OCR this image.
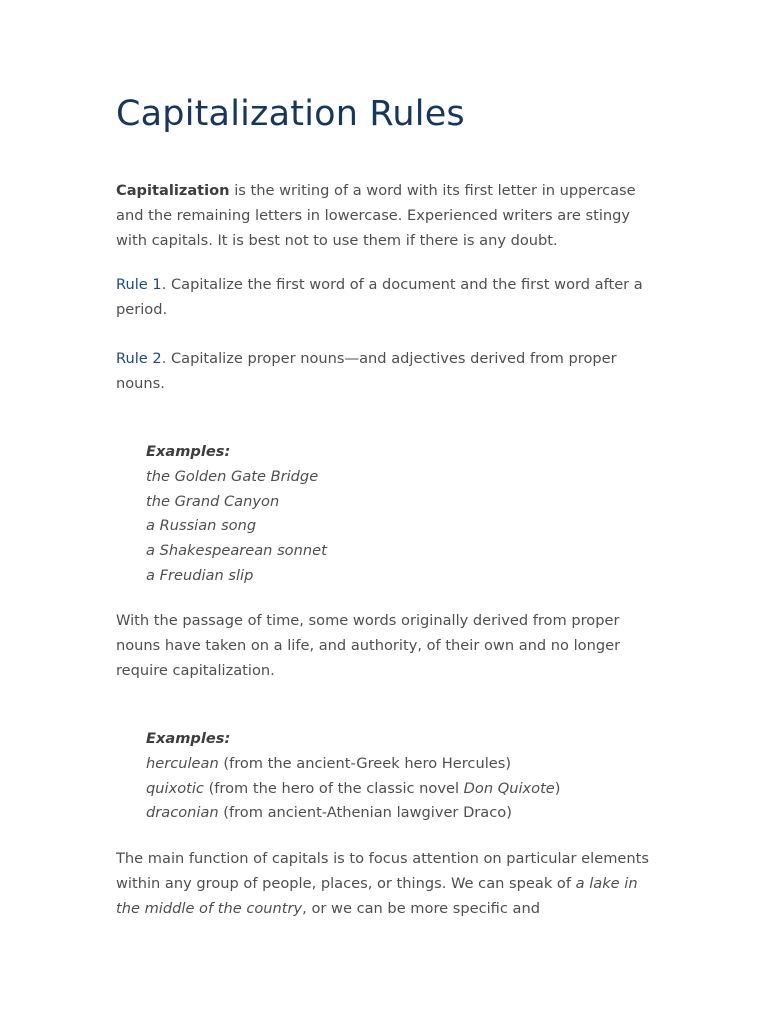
Capitalization Rules

Capitalization is the writing of a word with its first letter in uppercase and the remaining letters in lowercase. Experienced writers are stingy with capitals. It is best not to use them if there is any doubt.

Rule 1. Capitalize the first word of a document and the first word after a period.

Rule 2. Capitalize proper nouns—and adjectives derived from proper nouns.

Examples:
the Golden Gate Bridge
the Grand Canyon
a Russian song
a Shakespearean sonnet
a Freudian slip

With the passage of time, some words originally derived from proper nouns have taken on a life, and authority, of their own and no longer require capitalization.

Examples:
herculean (from the ancient-Greek hero Hercules)
quixotic (from the hero of the classic novel Don Quixote)
draconian (from ancient-Athenian lawgiver Draco)

The main function of capitals is to focus attention on particular elements within any group of people, places, or things. We can speak of a lake in the middle of the country, or we can be more specific and
